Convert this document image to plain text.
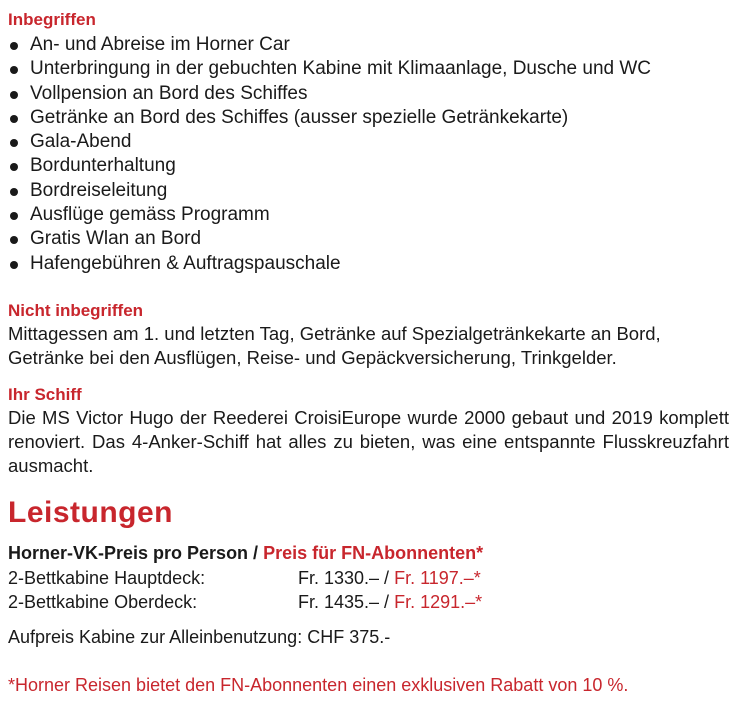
Inbegriffen
An- und Abreise im Horner Car
Unterbringung in der gebuchten Kabine mit Klimaanlage, Dusche und WC
Vollpension an Bord des Schiffes
Getränke an Bord des Schiffes (ausser spezielle Getränkekarte)
Gala-Abend
Bordunterhaltung
Bordreiseleitung
Ausflüge gemäss Programm
Gratis Wlan an Bord
Hafengebühren & Auftragspauschale
Nicht inbegriffen
Mittagessen am 1. und letzten Tag, Getränke auf Spezialgetränkekarte an Bord, Getränke bei den Ausflügen, Reise- und Gepäckversicherung, Trinkgelder.
Ihr Schiff
Die MS Victor Hugo der Reederei CroisiEurope wurde 2000 gebaut und 2019 komplett renoviert. Das 4-Anker-Schiff hat alles zu bieten, was eine entspannte Flusskreuzfahrt ausmacht.
Leistungen
Horner-VK-Preis pro Person / Preis für FN-Abonnenten*
2-Bettkabine Hauptdeck:	Fr. 1330.– / Fr. 1197.–*
2-Bettkabine Oberdeck:	Fr. 1435.– / Fr. 1291.–*
Aufpreis Kabine zur Alleinbenutzung: CHF 375.-
*Horner Reisen bietet den FN-Abonnenten einen exklusiven Rabatt von 10 %.
